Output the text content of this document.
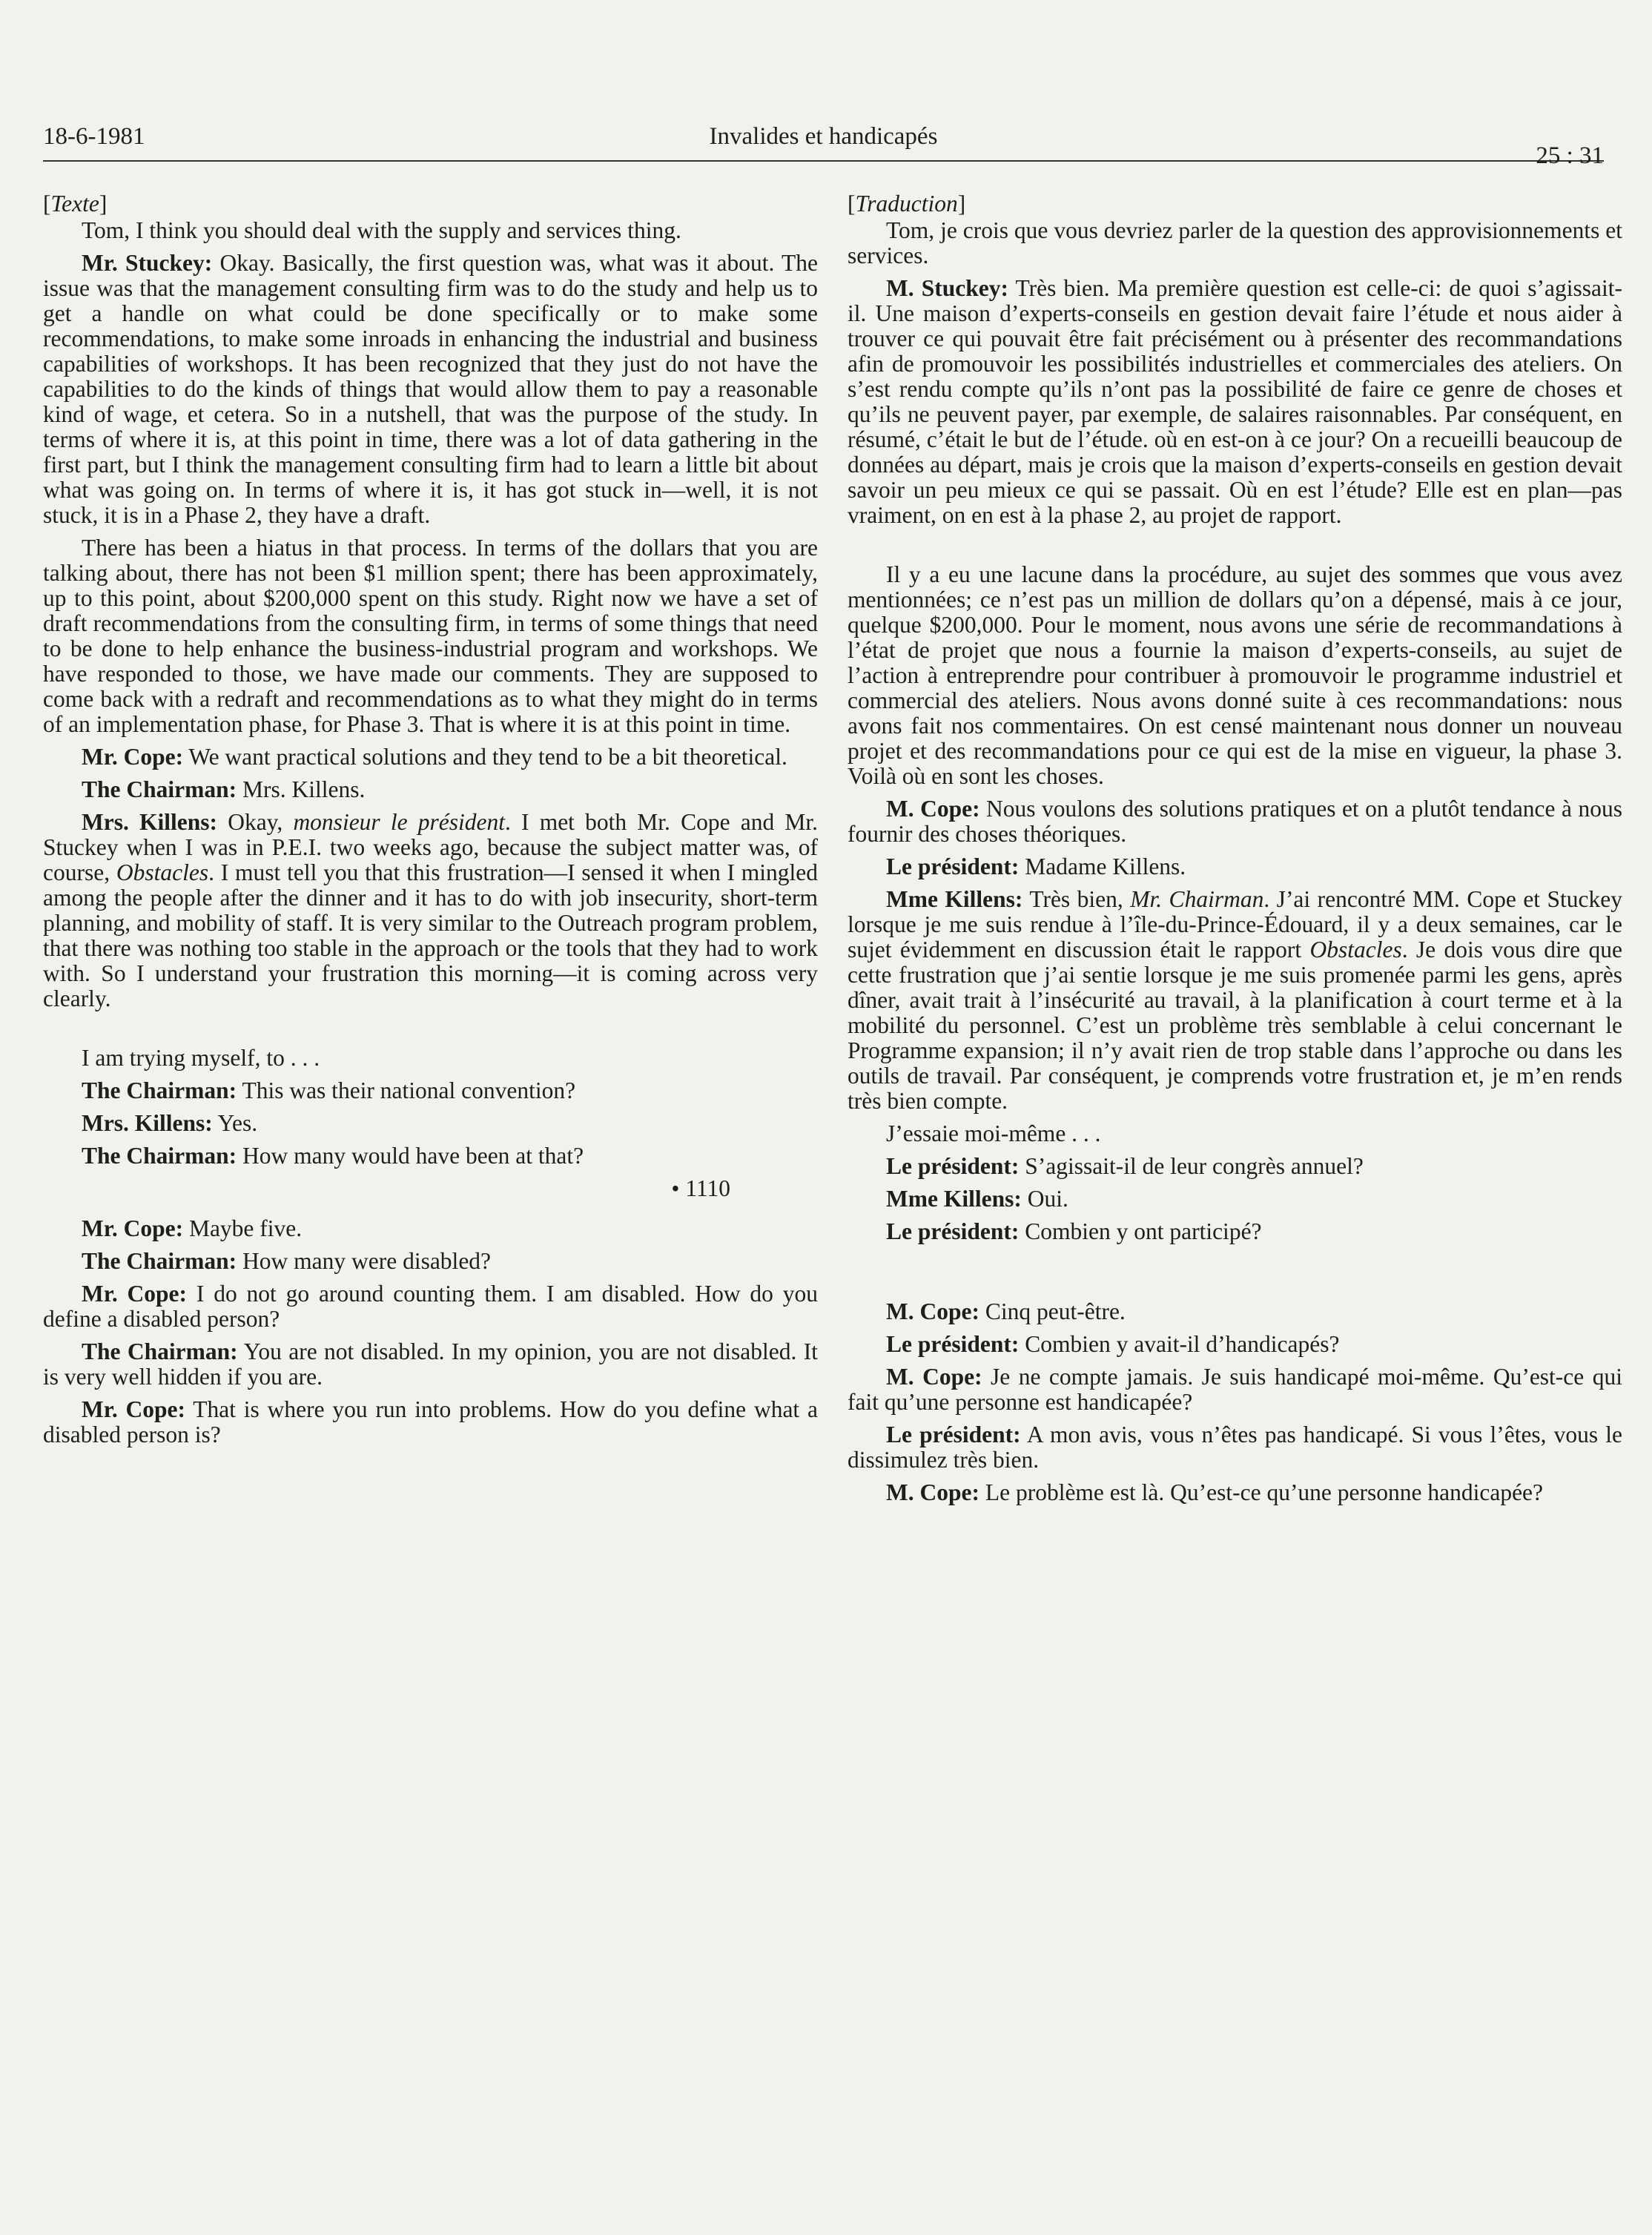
18-6-1981	Invalides et handicapés
25 : 31

[Texte]

Tom, I think you should deal with the supply and services thing.

Mr. Stuckey: Okay. Basically, the first question was, what was it about. The issue was that the management consulting firm was to do the study and help us to get a handle on what could be done specifically or to make some recommendations, to make some inroads in enhancing the industrial and business capabilities of workshops. It has been recognized that they just do not have the capabilities to do the kinds of things that would allow them to pay a reasonable kind of wage, et cetera. So in a nutshell, that was the purpose of the study. In terms of where it is, at this point in time, there was a lot of data gathering in the first part, but I think the management consulting firm had to learn a little bit about what was going on. In terms of where it is, it has got stuck in—well, it is not stuck, it is in a Phase 2, they have a draft.

There has been a hiatus in that process. In terms of the dollars that you are talking about, there has not been $1 million spent; there has been approximately, up to this point, about $200,000 spent on this study. Right now we have a set of draft recommendations from the consulting firm, in terms of some things that need to be done to help enhance the business-industrial program and workshops. We have responded to those, we have made our comments. They are supposed to come back with a redraft and recommendations as to what they might do in terms of an implementation phase, for Phase 3. That is where it is at this point in time.

Mr. Cope: We want practical solutions and they tend to be a bit theoretical.

The Chairman: Mrs. Killens.

Mrs. Killens: Okay, monsieur le président. I met both Mr. Cope and Mr. Stuckey when I was in P.E.I. two weeks ago, because the subject matter was, of course, Obstacles. I must tell you that this frustration—I sensed it when I mingled among the people after the dinner and it has to do with job insecurity, short-term planning, and mobility of staff. It is very similar to the Outreach program problem, that there was nothing too stable in the approach or the tools that they had to work with. So I understand your frustration this morning—it is coming across very clearly.

I am trying myself, to . . .

The Chairman: This was their national convention?

Mrs. Killens: Yes.

The Chairman: How many would have been at that?

• 1110

Mr. Cope: Maybe five.

The Chairman: How many were disabled?

Mr. Cope: I do not go around counting them. I am disabled. How do you define a disabled person?

The Chairman: You are not disabled. In my opinion, you are not disabled. It is very well hidden if you are.

Mr. Cope: That is where you run into problems. How do you define what a disabled person is?

[Traduction]

Tom, je crois que vous devriez parler de la question des approvisionnements et services.

M. Stuckey: Très bien. Ma première question est celle-ci: de quoi s’agissait-il. Une maison d’experts-conseils en gestion devait faire l’étude et nous aider à trouver ce qui pouvait être fait précisément ou à présenter des recommandations afin de promouvoir les possibilités industrielles et commerciales des ateliers. On s’est rendu compte qu’ils n’ont pas la possibilité de faire ce genre de choses et qu’ils ne peuvent payer, par exemple, de salaires raisonnables. Par conséquent, en résumé, c’était le but de l’étude. où en est-on à ce jour? On a recueilli beaucoup de données au départ, mais je crois que la maison d’experts-conseils en gestion devait savoir un peu mieux ce qui se passait. Où en est l’étude? Elle est en plan—pas vraiment, on en est à la phase 2, au projet de rapport.

Il y a eu une lacune dans la procédure, au sujet des sommes que vous avez mentionnées; ce n’est pas un million de dollars qu’on a dépensé, mais à ce jour, quelque $200,000. Pour le moment, nous avons une série de recommandations à l’état de projet que nous a fournie la maison d’experts-conseils, au sujet de l’action à entreprendre pour contribuer à promouvoir le programme industriel et commercial des ateliers. Nous avons donné suite à ces recommandations: nous avons fait nos commentaires. On est censé maintenant nous donner un nouveau projet et des recommandations pour ce qui est de la mise en vigueur, la phase 3. Voilà où en sont les choses.

M. Cope: Nous voulons des solutions pratiques et on a plutôt tendance à nous fournir des choses théoriques.

Le président: Madame Killens.

Mme Killens: Très bien, Mr. Chairman. J’ai rencontré MM. Cope et Stuckey lorsque je me suis rendue à l’île-du-Prince-Édouard, il y a deux semaines, car le sujet évidemment en discussion était le rapport Obstacles. Je dois vous dire que cette frustration que j’ai sentie lorsque je me suis promenée parmi les gens, après dîner, avait trait à l’insécurité au travail, à la planification à court terme et à la mobilité du personnel. C’est un problème très semblable à celui concernant le Programme expansion; il n’y avait rien de trop stable dans l’approche ou dans les outils de travail. Par conséquent, je comprends votre frustration et, je m’en rends très bien compte.

J’essaie moi-même . . .

Le président: S’agissait-il de leur congrès annuel?

Mme Killens: Oui.

Le président: Combien y ont participé?

M. Cope: Cinq peut-être.

Le président: Combien y avait-il d’handicapés?

M. Cope: Je ne compte jamais. Je suis handicapé moi-même. Qu’est-ce qui fait qu’une personne est handicapée?

Le président: A mon avis, vous n’êtes pas handicapé. Si vous l’êtes, vous le dissimulez très bien.

M. Cope: Le problème est là. Qu’est-ce qu’une personne handicapée?
